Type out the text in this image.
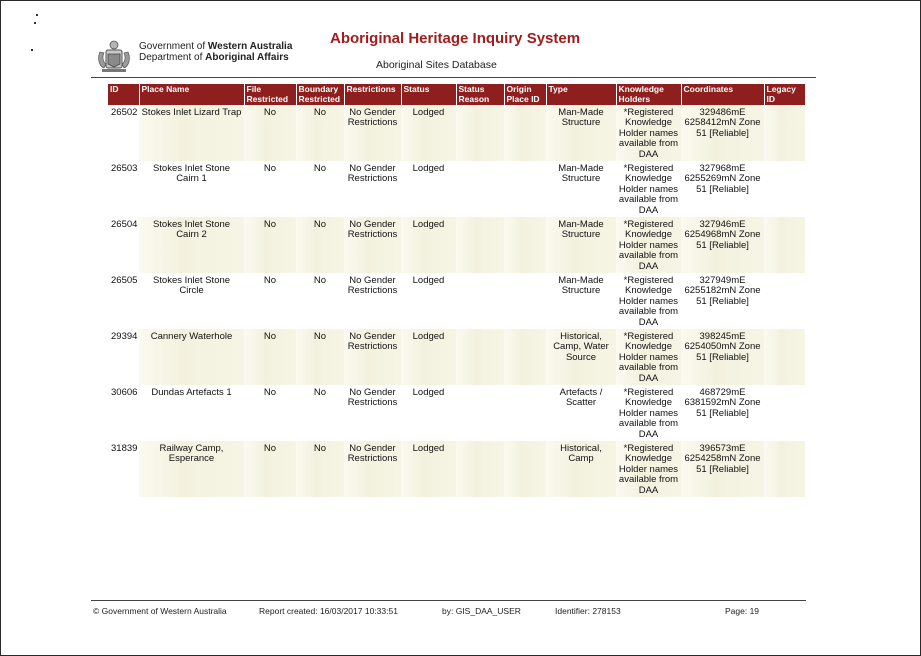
Government of Western Australia
Department of Aboriginal Affairs
Aboriginal Heritage Inquiry System
Aboriginal Sites Database
ID	Place Name	File Restricted	Boundary Restricted	Restrictions	Status	Status Reason	Origin Place ID	Type	Knowledge Holders	Coordinates	Legacy ID
26502	Stokes Inlet Lizard Trap	No	No	No Gender Restrictions	Lodged			Man-Made Structure	*Registered Knowledge Holder names available from DAA	329486mE 6258412mN Zone 51 [Reliable]	
26503	Stokes Inlet Stone Cairn 1	No	No	No Gender Restrictions	Lodged			Man-Made Structure	*Registered Knowledge Holder names available from DAA	327968mE 6255269mN Zone 51 [Reliable]	
26504	Stokes Inlet Stone Cairn 2	No	No	No Gender Restrictions	Lodged			Man-Made Structure	*Registered Knowledge Holder names available from DAA	327946mE 6254968mN Zone 51 [Reliable]	
26505	Stokes Inlet Stone Circle	No	No	No Gender Restrictions	Lodged			Man-Made Structure	*Registered Knowledge Holder names available from DAA	327949mE 6255182mN Zone 51 [Reliable]	
29394	Cannery Waterhole	No	No	No Gender Restrictions	Lodged			Historical, Camp, Water Source	*Registered Knowledge Holder names available from DAA	398245mE 6254050mN Zone 51 [Reliable]	
30606	Dundas Artefacts 1	No	No	No Gender Restrictions	Lodged			Artefacts / Scatter	*Registered Knowledge Holder names available from DAA	468729mE 6381592mN Zone 51 [Reliable]	
31839	Railway Camp, Esperance	No	No	No Gender Restrictions	Lodged			Historical, Camp	*Registered Knowledge Holder names available from DAA	396573mE 6254258mN Zone 51 [Reliable]	
© Government of Western Australia	Report created: 16/03/2017 10:33:51	by: GIS_DAA_USER	Identifier: 278153	Page: 19
